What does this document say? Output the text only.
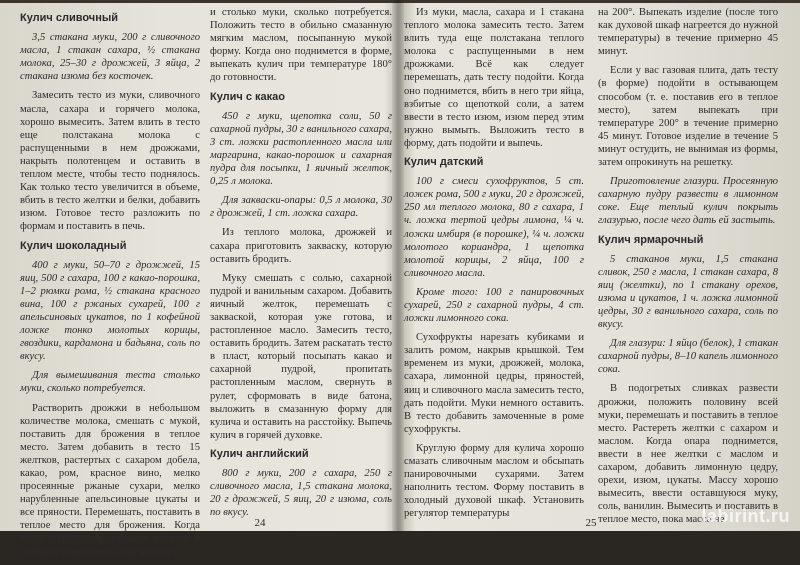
Кулич сливочный

3,5 стакана муки, 200 г сливочного масла, 1 стакан сахара, ½ стакана молока, 25–30 г дрожжей, 3 яйца, 2 стакана изюма без косточек.

Замесить тесто из муки, сливочного масла, сахара и горячего молока, хорошо вымесить. Затем влить в тесто еще полстакана молока с распущенными в нем дрожжами, накрыть полотенцем и оставить в теплом месте, чтобы тесто поднялось. Как только тесто увеличится в объеме, вбить в тесто желтки и белки, добавить изюм. Готовое тесто разложить по формам и поставить в печь.

Кулич шоколадный

400 г муки, 50–70 г дрожжей, 15 яиц, 500 г сахара, 100 г какао-порошка, 1–2 рюмки рома, ½ стакана красного вина, 100 г ржаных сухарей, 100 г апельсиновых цукатов, по 1 кофейной ложке тонко молотых корицы, гвоздики, кардамона и бадьяна, соль по вкусу.

Для вымешивания теста столько муки, сколько потребуется.

Растворить дрожжи в небольшом количестве молока, смешать с мукой, поставить для брожения в теплое место. Затем добавить в тесто 15 желтков, растертых с сахаром добела, какао, ром, красное вино, мелко просеянные ржаные сухари, мелко нарубленные апельсиновые цукаты и все пряности. Перемешать, поставить в теплое место для брожения. Когда тесто поднимется, добавить взбитые в стойкую пену белки, соль по вкусу

и столько муки, сколько потребуется. Положить тесто в обильно смазанную мягким маслом, посыпанную мукой форму. Когда оно поднимется в форме, выпекать кулич при температуре 180° до готовности.

Кулич с какао

450 г муки, щепотка соли, 50 г сахарной пудры, 30 г ванильного сахара, 3 ст. ложки растопленного масла или маргарина, какао-порошок и сахарная пудра для посыпки, 1 яичный желток, 0,25 л молока.

Для закваски-опары: 0,5 л молока, 30 г дрожжей, 1 ст. ложка сахара.

Из теплого молока, дрожжей и сахара приготовить закваску, которую оставить бродить.

Муку смешать с солью, сахарной пудрой и ванильным сахаром. Добавить яичный желток, перемешать с закваской, которая уже готова, и растопленное масло. Замесить тесто, оставить бродить. Затем раскатать тесто в пласт, который посыпать какао и сахарной пудрой, пропитать растопленным маслом, свернуть в рулет, сформовать в виде батона, выложить в смазанную форму для кулича и оставить на расстойку. Выпечь кулич в горячей духовке.

Кулич английский

800 г муки, 200 г сахара, 250 г сливочного масла, 1,5 стакана молока, 20 г дрожжей, 5 яиц, 20 г изюма, соль по вкусу.

24

Из муки, масла, сахара и 1 стакана теплого молока замесить тесто. Затем влить туда еще полстакана теплого молока с распущенными в нем дрожжами. Всё как следует перемешать, дать тесту подойти. Когда оно поднимется, вбить в него три яйца, взбитые со щепоткой соли, а затем ввести в тесто изюм, изюм перед этим нужно вымыть. Выложить тесто в форму, дать подойти и выпечь.

Кулич датский

100 г смеси сухофруктов, 5 ст. ложек рома, 500 г муки, 20 г дрожжей, 250 мл теплого молока, 80 г сахара, 1 ч. ложка тертой цедры лимона, ¼ ч. ложки имбиря (в порошке), ¼ ч. ложки молотого кориандра, 1 щепотка молотой корицы, 2 яйца, 100 г сливочного масла.

Кроме того: 100 г панировочных сухарей, 250 г сахарной пудры, 4 ст. ложки лимонного сока.

Сухофрукты нарезать кубиками и залить ромом, накрыв крышкой. Тем временем из муки, дрожжей, молока, сахара, лимонной цедры, пряностей, яиц и сливочного масла замесить тесто, дать подойти. Муки немного оставить. В тесто добавить замоченные в роме сухофрукты.

Круглую форму для кулича хорошо смазать сливочным маслом и обсыпать панировочными сухарями. Затем наполнить тестом. Форму поставить в холодный духовой шкаф. Установить регулятор температуры

на 200°. Выпекать изделие (после того как духовой шкаф нагреется до нужной температуры) в течение примерно 45 минут.

Если у вас газовая плита, дать тесту (в форме) подойти в остывающем способом (т. е. поставив его в теплое место), затем выпекать при температуре 200° в течение примерно 45 минут. Готовое изделие в течение 5 минут остудить, не вынимая из формы, затем опрокинуть на решетку.

Приготовление глазури. Просеянную сахарную пудру развести в лимонном соке. Еще теплый кулич покрыть глазурью, после чего дать ей застыть.

Кулич ярмарочный

5 стаканов муки, 1,5 стакана сливок, 250 г масла, 1 стакан сахара, 8 яиц (желтки), по 1 стакану орехов, изюма и цукатов, 1 ч. ложка лимонной цедры, 30 г ванильного сахара, соль по вкусу.

Для глазури: 1 яйцо (белок), 1 стакан сахарной пудры, 8–10 капель лимонного сока.

В подогретых сливках развести дрожжи, положить половину всей муки, перемешать и поставить в теплое место. Растереть желтки с сахаром и маслом. Когда опара поднимется, ввести в нее желтки с маслом и сахаром, добавить лимонную цедру, орехи, изюм, цукаты. Массу хорошо вымесить, ввести оставшуюся муку, соль, ванилин. Вымесить и поставить в теплое место, пока масса не

25	labirint.ru
